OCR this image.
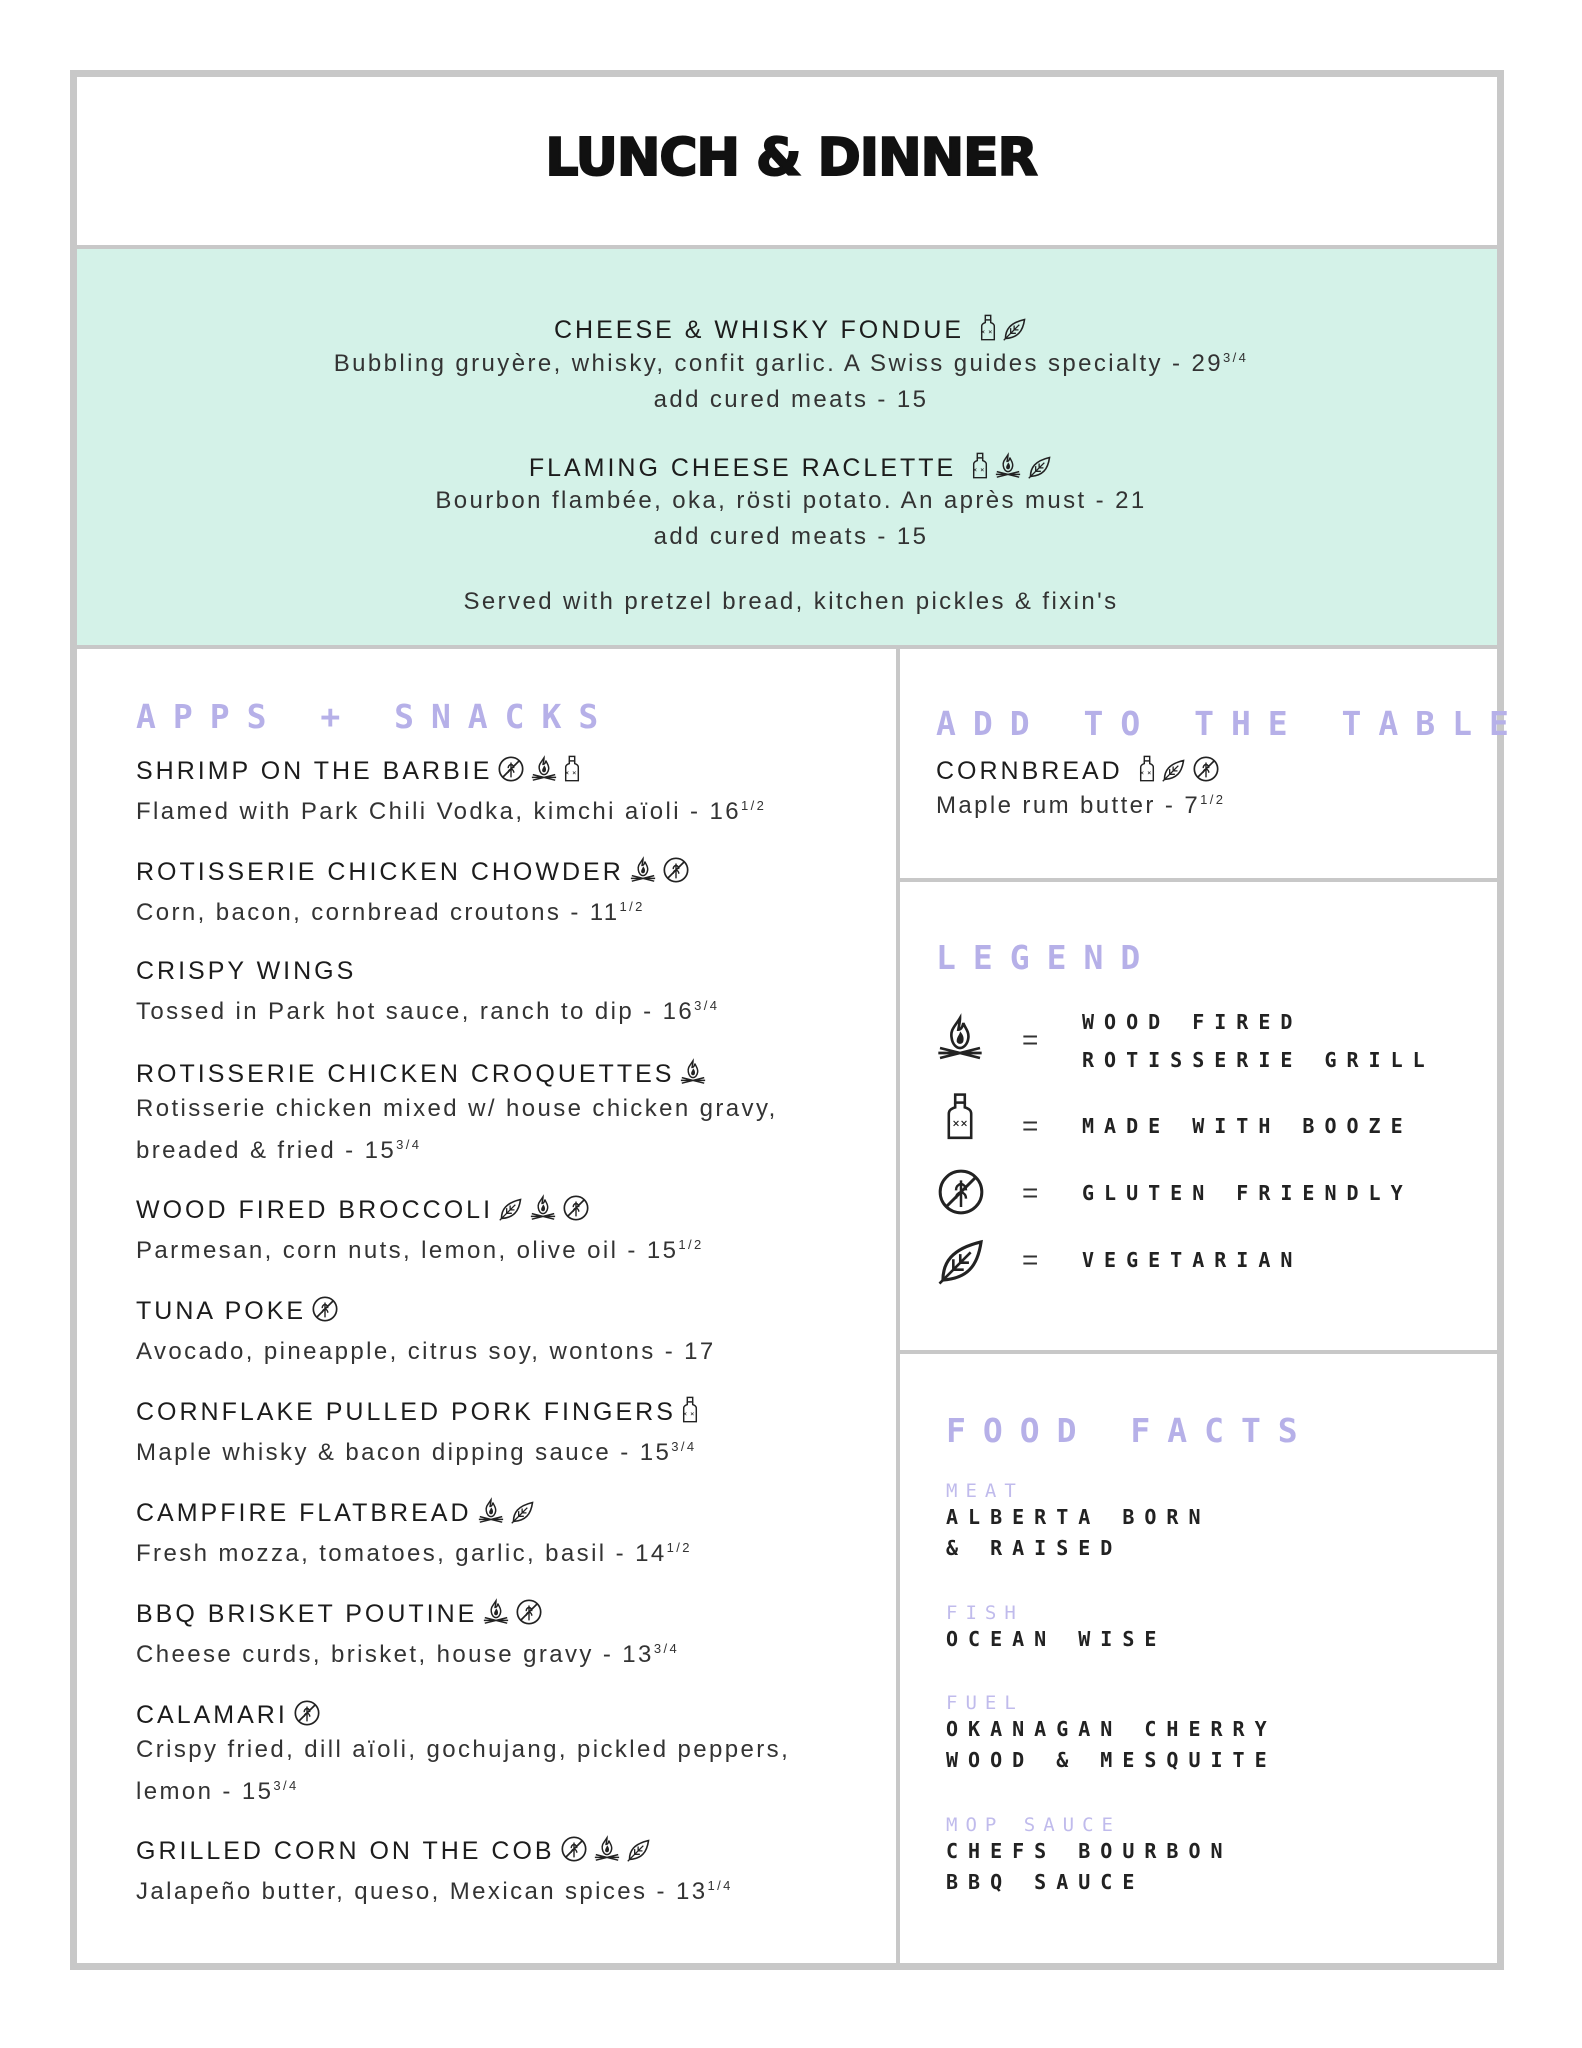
LUNCH & DINNER
CHEESE & WHISKY FONDUE
Bubbling gruyère, whisky, confit garlic. A Swiss guides specialty - $29^{3/4}$
add cured meats - 15
FLAMING CHEESE RACLETTE
Bourbon flambée, oka, rösti potato. An après must - 21
add cured meats - 15
Served with pretzel bread, kitchen pickles & fixin's
APPS + SNACKS
SHRIMP ON THE BARBIE
Flamed with Park Chili Vodka, kimchi aïoli - $16^{1/2}$
ROTISSERIE CHICKEN CHOWDER
Corn, bacon, cornbread croutons - $11^{1/2}$
CRISPY WINGS
Tossed in Park hot sauce, ranch to dip - $16^{3/4}$
ROTISSERIE CHICKEN CROQUETTES
Rotisserie chicken mixed w/ house chicken gravy, breaded & fried - $15^{3/4}$
WOOD FIRED BROCCOLI
Parmesan, corn nuts, lemon, olive oil - $15^{1/2}$
TUNA POKE
Avocado, pineapple, citrus soy, wontons - 17
CORNFLAKE PULLED PORK FINGERS
Maple whisky & bacon dipping sauce - $15^{3/4}$
CAMPFIRE FLATBREAD
Fresh mozza, tomatoes, garlic, basil - $14^{1/2}$
BBQ BRISKET POUTINE
Cheese curds, brisket, house gravy - $13^{3/4}$
CALAMARI
Crispy fried, dill aïoli, gochujang, pickled peppers, lemon - $15^{3/4}$
GRILLED CORN ON THE COB
Jalapeño butter, queso, Mexican spices - $13^{1/4}$
ADD TO THE TABLE
CORNBREAD
Maple rum butter - $7^{1/2}$
LEGEND
=
WOOD FIRED
ROTISSERIE GRILL
= MADE WITH BOOZE
= GLUTEN FRIENDLY
= VEGETARIAN
FOOD FACTS
MEAT
ALBERTA BORN
& RAISED
FISH
OCEAN WISE
FUEL
OKANAGAN CHERRY
WOOD & MESQUITE
MOP SAUCE
CHEFS BOURBON
BBQ SAUCE
